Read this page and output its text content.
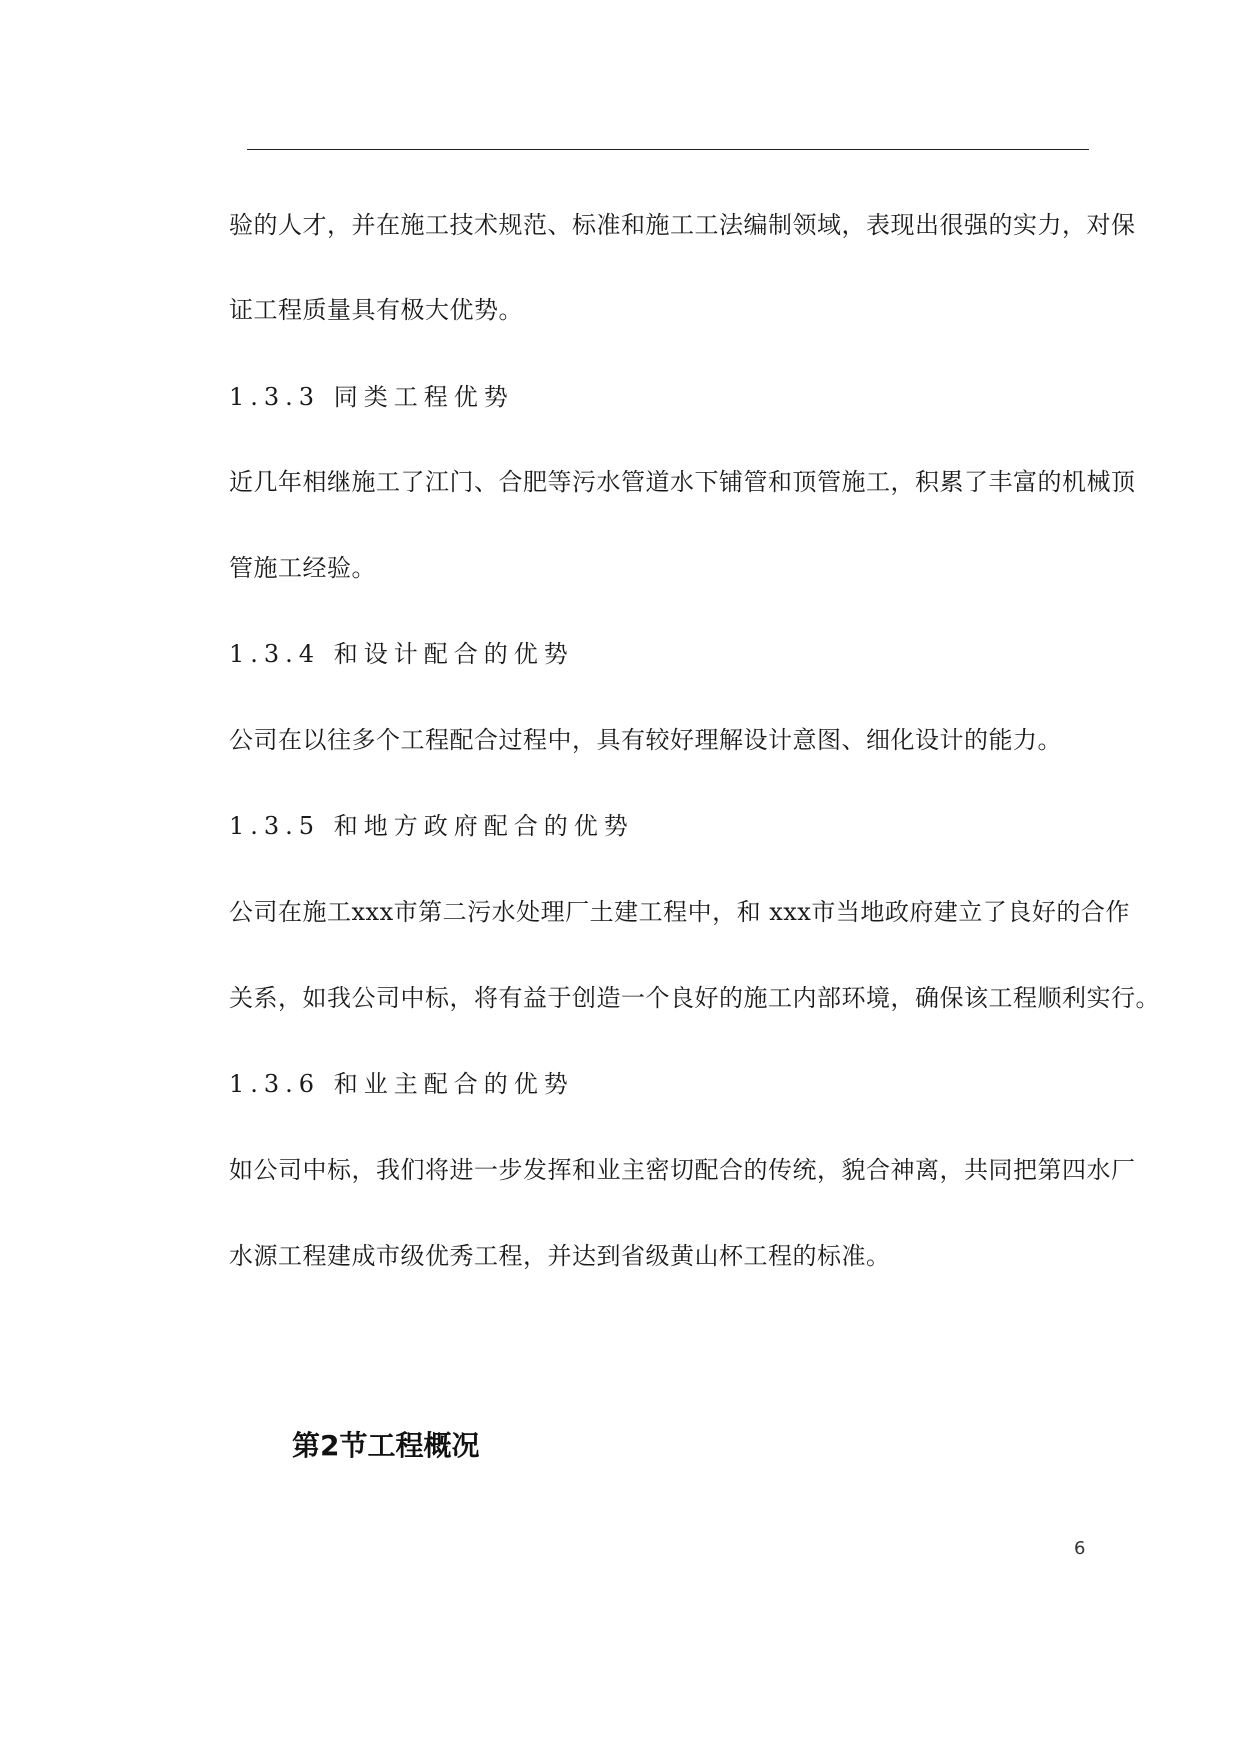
验的人才，并在施工技术规范、标准和施工工法编制领域，表现出很强的实力，对保
证工程质量具有极大优势。
1.3.3 同类工程优势
近几年相继施工了江门、合肥等污水管道水下铺管和顶管施工，积累了丰富的机械顶
管施工经验。
1.3.4 和设计配合的优势
公司在以往多个工程配合过程中，具有较好理解设计意图、细化设计的能力。
1.3.5 和地方政府配合的优势
公司在施工xxx市第二污水处理厂土建工程中，和 xxx市当地政府建立了良好的合作
关系，如我公司中标，将有益于创造一个良好的施工内部环境，确保该工程顺利实行。
1.3.6 和业主配合的优势
如公司中标，我们将进一步发挥和业主密切配合的传统，貌合神离，共同把第四水厂
水源工程建成市级优秀工程，并达到省级黄山杯工程的标准。
第2节工程概况
6
